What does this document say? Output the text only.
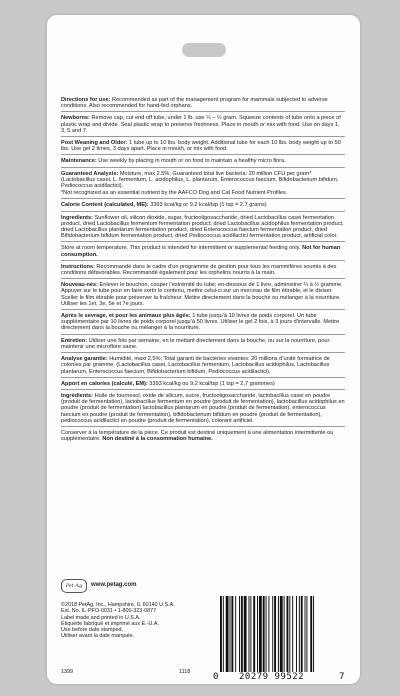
Directions for use: Recommended as part of the management program for mammals subjected to adverse conditions. Also recommended for hand-fed orphans.

Newborns: Remove cap, cut end off tube, under 1 lb. use ¼ – ½ gram. Squeeze contents of tube onto a piece of plastic wrap and divide. Seal plastic wrap to preserve freshness. Place in mouth or mix with food. Use on days 1, 3, 5 and 7.

Post Weaning and Older: 1 tube up to 10 lbs. body weight. Additional tube for each 10 lbs. body weight up to 50 lbs. Use gel 2 times, 3 days apart. Place in mouth, or mix with food.

Maintenance: Use weekly by placing in mouth or on food to maintain a healthy micro flora.

Guaranteed Analysis: Moisture, max 2.5%; Guaranteed total live bacteria: 20 million CFU per gram* (Lactobacillus casei, L. fermentum, L. acidophilus, L. plantarum, Enterococcus faecium, Bifidobacterium bifidum, Pediococcus acidilactici).

*Not recognized as an essential nutrient by the AAFCO Dog and Cat Food Nutrient Profiles.

Calorie Content (calculated, ME): 3393 kcal/kg or 9.2 kcal/tsp (1 tsp = 2.7 grams)

Ingredients: Sunflower oil, silicon dioxide, sugar, fructooligosaccharide, dried Lactobacillus casei fermentation product, dried Lactobacillus fermentum fermentation product, dried Lactobacillus acidophilus fermentation product, dried Lactobacillus plantarum fermentation product, dried Enterococcus faecium fermentation product, dried Bifidobacterium bifidum fermentation product, dried Pediococcus acidilactici fermentation product, artificial color.

Store at room temperature. This product is intended for intermittent or supplemental feeding only. Not for human consumption.

Instructions: Recommandé dans le cadre d’un programme de gestion pour tous les mammifères soumis à des conditions défavorables. Recommandé également pour les orphelins nourris à la main.

Nouveau-nés: Enlever le bouchon, couper l’extrémité du tube; en-dessous de 1 livre, administrer ¼ à ½ gramme. Appuyer sur le tube pour en faire sortir le contenu, mettre celui-ci sur un morceau de film étirable, et le diviser. Sceller le film étirable pour préserver la fraîcheur. Mettre directement dans la bouche ou mélanger à la nourriture. Utiliser les 1er, 3e, 5e et 7e jours.

Après le sevrage, et pour les animaux plus âgés: 1 tube jusqu’à 10 livres de poids corporel. Un tube supplémentaire par 10 livres de poids corporel jusqu’à 50 livres. Utiliser le gel 2 fois, à 3 jours d’intervalle. Mettre directement dans la bouche ou mélanger à la nourriture.

Entretien: Utiliser une fois par semaine, en le mettant directement dans la bouche, ou sur la nourriture, pour maintenir une microflore saine.

Analyse garantie: Humidité, maxi 2,5%; Total garanti de bactéries vivantes: 20 millions d’unité formatrice de colonies par gramme. (Lactobacillus casei, Lactobacillus fermentum, Lactobacillus acidophilus, Lactobacillus plantarum, Enterococcus faecium, Bifidobacterium bifidum, Pediococcus acidilactici).

Apport en calories (calculé, EM): 3393 kcal/kg ou 9,2 kcal/tsp (1 tsp = 2,7 grammes)

Ingrédients: Huile de tournesol, oxide de silicum, sucre, fructooligosaccharide, lactobacillus casei en poudre (produit de fermentation), lactobacillus fermentum en poudre (produit de fermentation), lactobacillus acidophilus en poudre (produit de fermentation) lactobacillus plantarum en poudre (produit de fermentation), enterococcus faecium en poudre (produit de fermentation), bifidobacterium bifidum en poudre (produit de fermentation), pediococcus acidilactici en poudre (produit de fermentation), colorant artificiel.

Conserver à la température de la pièce. Ce produit est destiné uniquement à une alimentation intermittente ou supplémentaire. Non destiné à la consommation humaine.

Pet-Ag	www.petag.com
©2018 PetAg, Inc., Hampshire, IL 60140 U.S.A.
Est. No. IL-PFO-0031 • 1-800-323-0877
Label made and printed in U.S.A.
Étiquette fabriqué et imprimé aux É.-U.A.
Use before date stamped.
Utiliser avant la date marquée.
1399	1118	0 20279 99522	7
